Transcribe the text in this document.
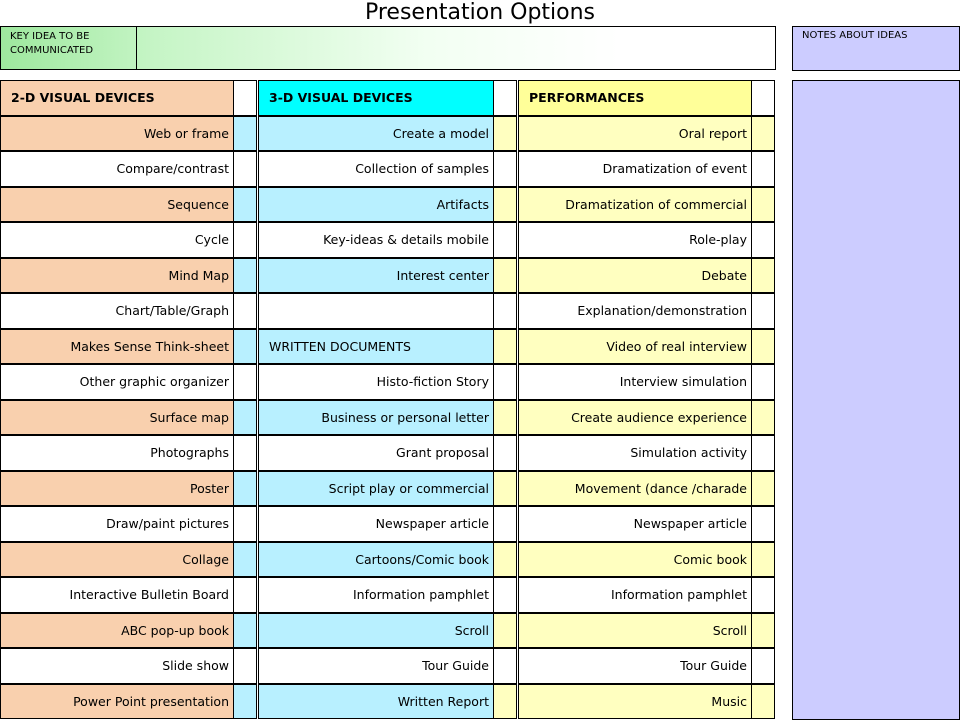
Presentation Options
KEY IDEA TO BE COMMUNICATED
NOTES ABOUT IDEAS
2-D VISUAL DEVICES
Web or frame
Compare/contrast
Sequence
Cycle
Mind Map
Chart/Table/Graph
Makes Sense Think-sheet
Other graphic organizer
Surface map
Photographs
Poster
Draw/paint pictures
Collage
Interactive Bulletin Board
ABC pop-up book
Slide show
Power Point presentation
3-D VISUAL DEVICES
Create a model
Collection of samples
Artifacts
Key-ideas & details mobile
Interest center
WRITTEN DOCUMENTS
Histo-fiction Story
Business or personal letter
Grant proposal
Script play or commercial
Newspaper article
Cartoons/Comic book
Information pamphlet
Scroll
Tour Guide
Written Report
PERFORMANCES
Oral report
Dramatization of event
Dramatization of commercial
Role-play
Debate
Explanation/demonstration
Video of real interview
Interview simulation
Create audience experience
Simulation activity
Movement (dance /charade
Newspaper article
Comic book
Information pamphlet
Scroll
Tour Guide
Music
